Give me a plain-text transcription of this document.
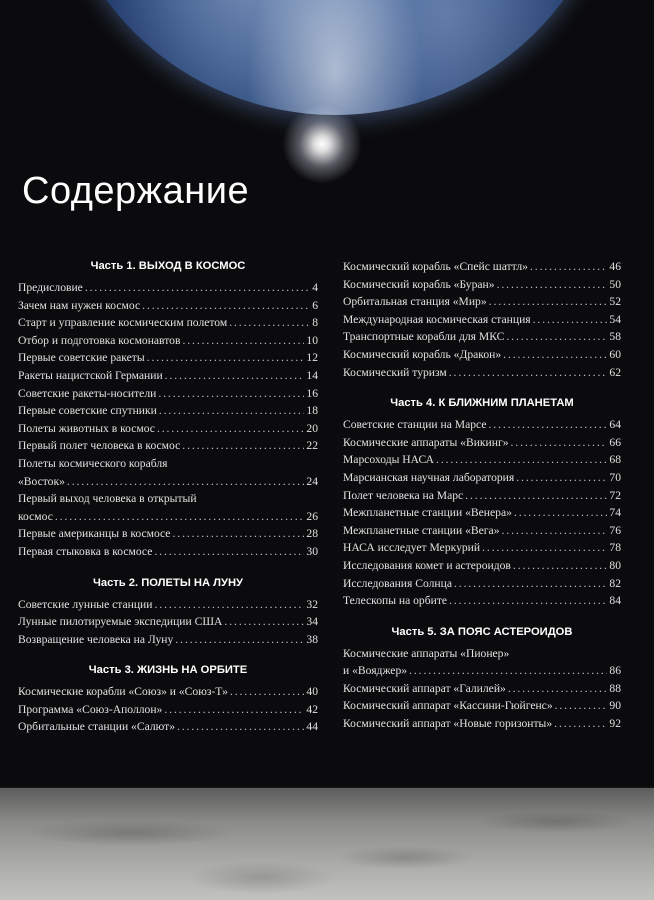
Содержание
Часть 1. ВЫХОД В КОСМОС
Предисловие . . .	4
Зачем нам нужен космос . . .	6
Старт и управление космическим полетом . . .	8
Отбор и подготовка космонавтов . . .	10
Первые советские ракеты . . .	12
Ракеты нацистской Германии . . .	14
Советские ракеты-носители . . .	16
Первые советские спутники . . .	18
Полеты животных в космос . . .	20
Первый полет человека в космос . . .	22
Полеты космического корабля
«Восток» . . .	24
Первый выход человека в открытый
космос . . .	26
Первые американцы в космосе . . .	28
Первая стыковка в космосе . . .	30
Часть 2. ПОЛЕТЫ НА ЛУНУ
Советские лунные станции . . .	32
Лунные пилотируемые экспедиции США . . .	34
Возвращение человека на Луну . . .	38
Часть 3. ЖИЗНЬ НА ОРБИТЕ
Космические корабли «Союз» и «Союз-Т» . . .	40
Программа «Союз-Аполлон» . . .	42
Орбитальные станции «Салют» . . .	44
Космический корабль «Спейс шаттл» . . .	46
Космический корабль «Буран» . . .	50
Орбитальная станция «Мир» . . .	52
Международная космическая станция . . .	54
Транспортные корабли для МКС . . .	58
Космический корабль «Дракон» . . .	60
Космический туризм . . .	62
Часть 4. К БЛИЖНИМ ПЛАНЕТАМ
Советские станции на Марсе . . .	64
Космические аппараты «Викинг» . . .	66
Марсоходы НАСА . . .	68
Марсианская научная лаборатория . . .	70
Полет человека на Марс . . .	72
Межпланетные станции «Венера» . . .	74
Межпланетные станции «Вега» . . .	76
НАСА исследует Меркурий . . .	78
Исследования комет и астероидов . . .	80
Исследования Солнца . . .	82
Телескопы на орбите . . .	84
Часть 5. ЗА ПОЯС АСТЕРОИДОВ
Космические аппараты «Пионер»
и «Вояджер» . . .	86
Космический аппарат «Галилей» . . .	88
Космический аппарат «Кассини-Гюйгенс» . . .	90
Космический аппарат «Новые горизонты» . . .	92
